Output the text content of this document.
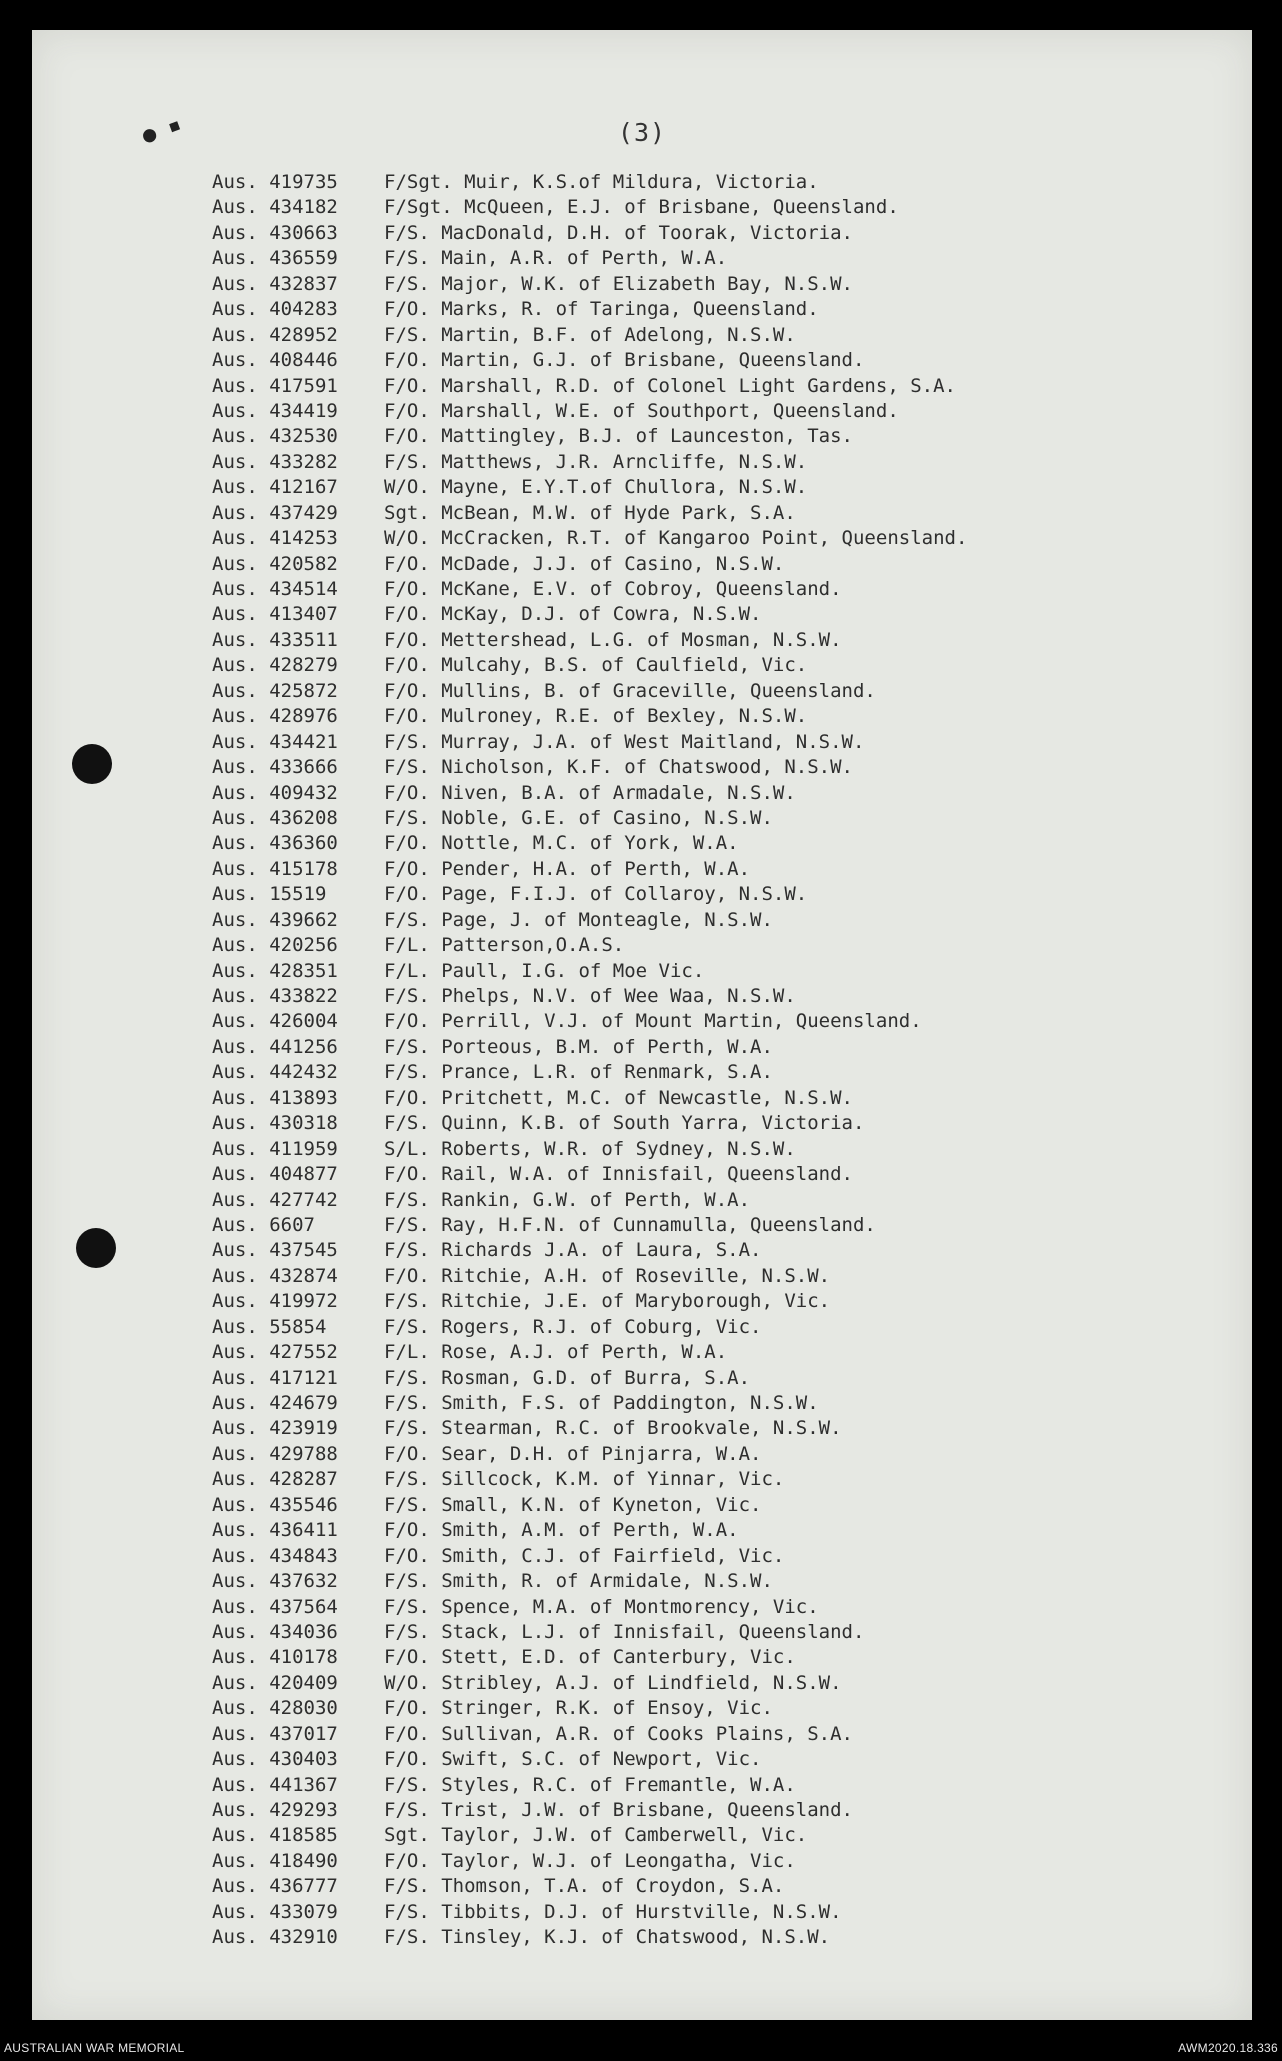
● ▪	(3)
Aus. 419735	F/Sgt. Muir, K.S.of Mildura, Victoria.
Aus. 434182	F/Sgt. McQueen, E.J. of Brisbane, Queensland.
Aus. 430663	F/S. MacDonald, D.H. of Toorak, Victoria.
Aus. 436559	F/S. Main, A.R. of Perth, W.A.
Aus. 432837	F/S. Major, W.K. of Elizabeth Bay, N.S.W.
Aus. 404283	F/O. Marks, R. of Taringa, Queensland.
Aus. 428952	F/S. Martin, B.F. of Adelong, N.S.W.
Aus. 408446	F/O. Martin, G.J. of Brisbane, Queensland.
Aus. 417591	F/O. Marshall, R.D. of Colonel Light Gardens, S.A.
Aus. 434419	F/O. Marshall, W.E. of Southport, Queensland.
Aus. 432530	F/O. Mattingley, B.J. of Launceston, Tas.
Aus. 433282	F/S. Matthews, J.R. Arncliffe, N.S.W.
Aus. 412167	W/O. Mayne, E.Y.T.of Chullora, N.S.W.
Aus. 437429	Sgt. McBean, M.W. of Hyde Park, S.A.
Aus. 414253	W/O. McCracken, R.T. of Kangaroo Point, Queensland.
Aus. 420582	F/O. McDade, J.J. of Casino, N.S.W.
Aus. 434514	F/O. McKane, E.V. of Cobroy, Queensland.
Aus. 413407	F/O. McKay, D.J. of Cowra, N.S.W.
Aus. 433511	F/O. Mettershead, L.G. of Mosman, N.S.W.
Aus. 428279	F/O. Mulcahy, B.S. of Caulfield, Vic.
Aus. 425872	F/O. Mullins, B. of Graceville, Queensland.
Aus. 428976	F/O. Mulroney, R.E. of Bexley, N.S.W.
Aus. 434421	F/S. Murray, J.A. of West Maitland, N.S.W.
Aus. 433666	F/S. Nicholson, K.F. of Chatswood, N.S.W.
Aus. 409432	F/O. Niven, B.A. of Armadale, N.S.W.
Aus. 436208	F/S. Noble, G.E. of Casino, N.S.W.
Aus. 436360	F/O. Nottle, M.C. of York, W.A.
Aus. 415178	F/O. Pender, H.A. of Perth, W.A.
Aus. 15519	F/O. Page, F.I.J. of Collaroy, N.S.W.
Aus. 439662	F/S. Page, J. of Monteagle, N.S.W.
Aus. 420256	F/L. Patterson,O.A.S.
Aus. 428351	F/L. Paull, I.G. of Moe Vic.
Aus. 433822	F/S. Phelps, N.V. of Wee Waa, N.S.W.
Aus. 426004	F/O. Perrill, V.J. of Mount Martin, Queensland.
Aus. 441256	F/S. Porteous, B.M. of Perth, W.A.
Aus. 442432	F/S. Prance, L.R. of Renmark, S.A.
Aus. 413893	F/O. Pritchett, M.C. of Newcastle, N.S.W.
Aus. 430318	F/S. Quinn, K.B. of South Yarra, Victoria.
Aus. 411959	S/L. Roberts, W.R. of Sydney, N.S.W.
Aus. 404877	F/O. Rail, W.A. of Innisfail, Queensland.
Aus. 427742	F/S. Rankin, G.W. of Perth, W.A.
Aus. 6607	F/S. Ray, H.F.N. of Cunnamulla, Queensland.
Aus. 437545	F/S. Richards J.A. of Laura, S.A.
Aus. 432874	F/O. Ritchie, A.H. of Roseville, N.S.W.
Aus. 419972	F/S. Ritchie, J.E. of Maryborough, Vic.
Aus. 55854	F/S. Rogers, R.J. of Coburg, Vic.
Aus. 427552	F/L. Rose, A.J. of Perth, W.A.
Aus. 417121	F/S. Rosman, G.D. of Burra, S.A.
Aus. 424679	F/S. Smith, F.S. of Paddington, N.S.W.
Aus. 423919	F/S. Stearman, R.C. of Brookvale, N.S.W.
Aus. 429788	F/O. Sear, D.H. of Pinjarra, W.A.
Aus. 428287	F/S. Sillcock, K.M. of Yinnar, Vic.
Aus. 435546	F/S. Small, K.N. of Kyneton, Vic.
Aus. 436411	F/O. Smith, A.M. of Perth, W.A.
Aus. 434843	F/O. Smith, C.J. of Fairfield, Vic.
Aus. 437632	F/S. Smith, R. of Armidale, N.S.W.
Aus. 437564	F/S. Spence, M.A. of Montmorency, Vic.
Aus. 434036	F/S. Stack, L.J. of Innisfail, Queensland.
Aus. 410178	F/O. Stett, E.D. of Canterbury, Vic.
Aus. 420409	W/O. Stribley, A.J. of Lindfield, N.S.W.
Aus. 428030	F/O. Stringer, R.K. of Ensoy, Vic.
Aus. 437017	F/O. Sullivan, A.R. of Cooks Plains, S.A.
Aus. 430403	F/O. Swift, S.C. of Newport, Vic.
Aus. 441367	F/S. Styles, R.C. of Fremantle, W.A.
Aus. 429293	F/S. Trist, J.W. of Brisbane, Queensland.
Aus. 418585	Sgt. Taylor, J.W. of Camberwell, Vic.
Aus. 418490	F/O. Taylor, W.J. of Leongatha, Vic.
Aus. 436777	F/S. Thomson, T.A. of Croydon, S.A.
Aus. 433079	F/S. Tibbits, D.J. of Hurstville, N.S.W.
Aus. 432910	F/S. Tinsley, K.J. of Chatswood, N.S.W.
AUSTRALIAN WAR MEMORIAL	AWM2020.18.336
